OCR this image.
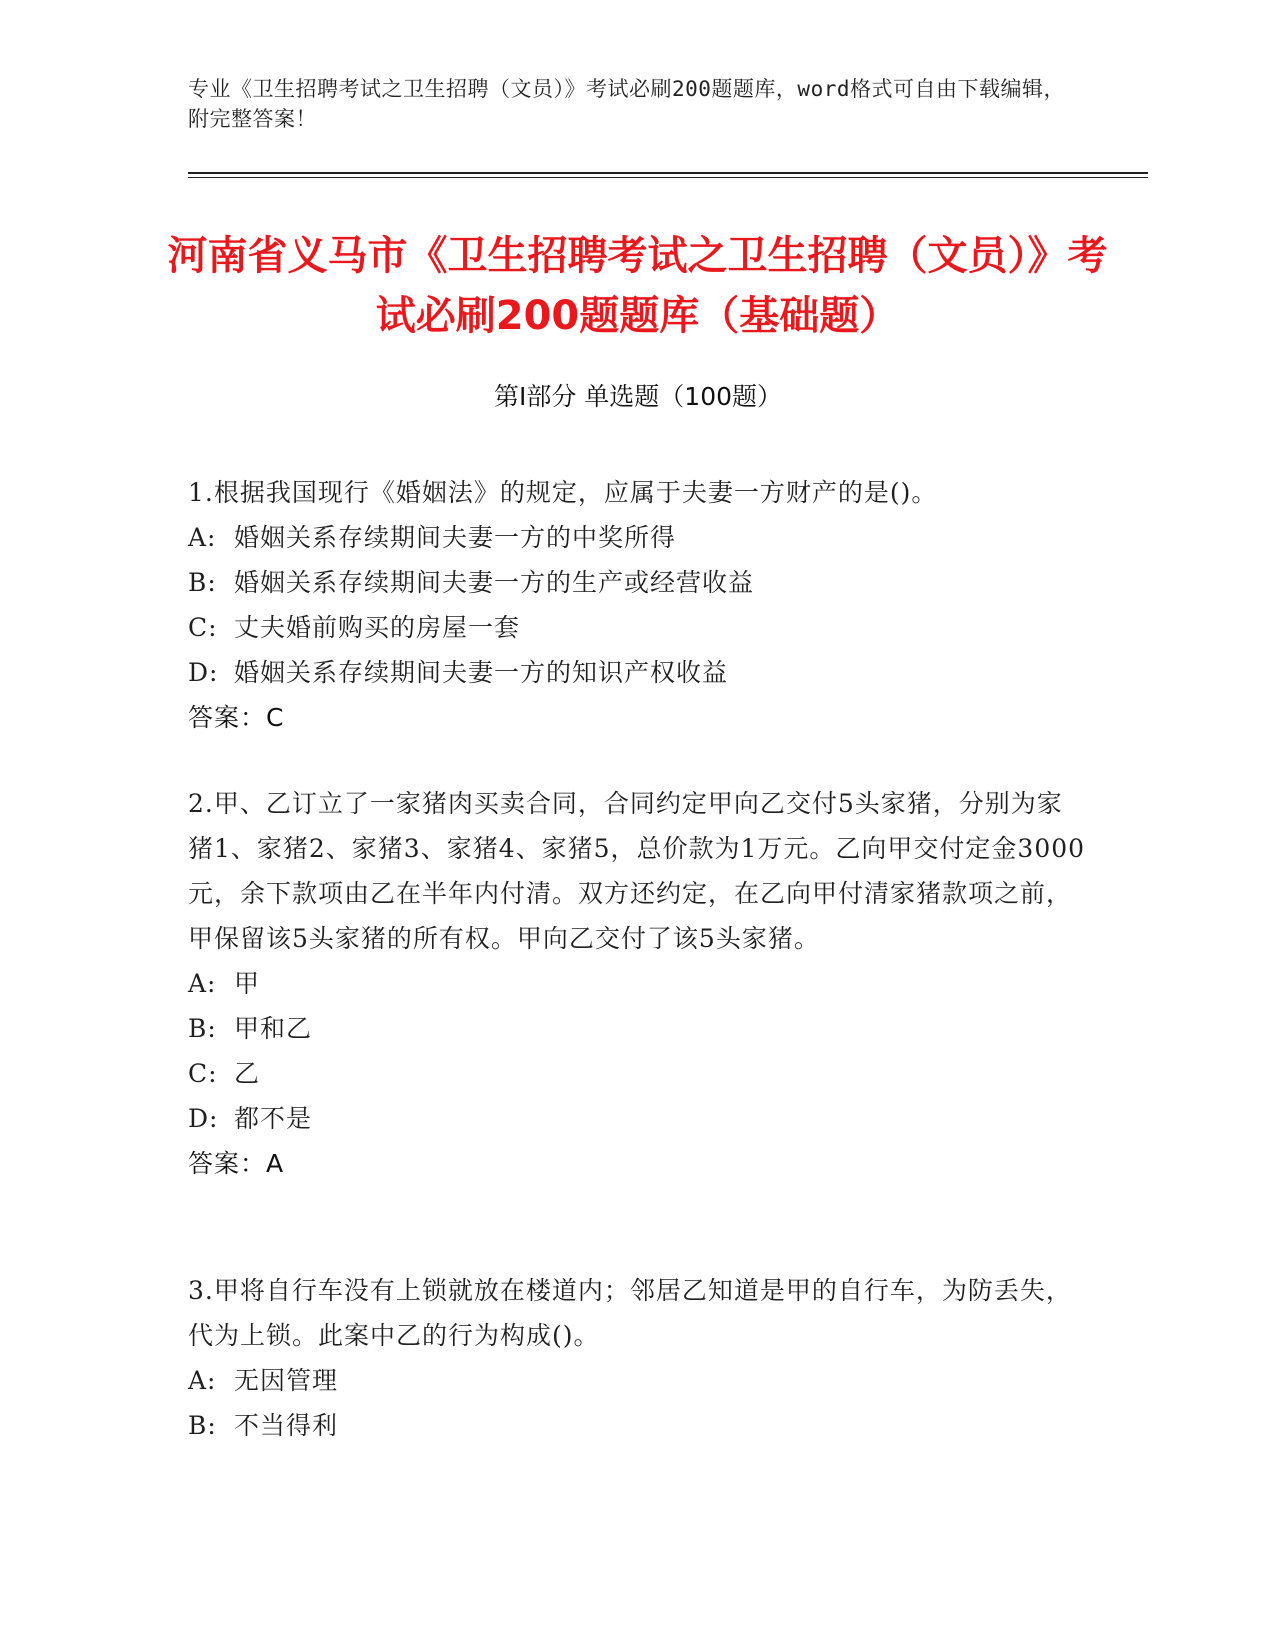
专业《卫生招聘考试之卫生招聘（文员）》考试必刷200题题库，word格式可自由下载编辑，附完整答案！
河南省义马市《卫生招聘考试之卫生招聘（文员）》考试必刷200题题库（基础题）
第I部分 单选题（100题）

1.根据我国现行《婚姻法》的规定，应属于夫妻一方财产的是()。

A: 婚姻关系存续期间夫妻一方的中奖所得

B: 婚姻关系存续期间夫妻一方的生产或经营收益

C: 丈夫婚前购买的房屋一套

D: 婚姻关系存续期间夫妻一方的知识产权收益

答案：C

2.甲、乙订立了一家猪肉买卖合同，合同约定甲向乙交付5头家猪，分别为家猪1、家猪2、家猪3、家猪4、家猪5，总价款为1万元。乙向甲交付定金3000元，余下款项由乙在半年内付清。双方还约定，在乙向甲付清家猪款项之前，甲保留该5头家猪的所有权。甲向乙交付了该5头家猪。

A: 甲

B: 甲和乙

C: 乙

D: 都不是

答案：A

3.甲将自行车没有上锁就放在楼道内；邻居乙知道是甲的自行车，为防丢失，代为上锁。此案中乙的行为构成()。

A: 无因管理

B: 不当得利
